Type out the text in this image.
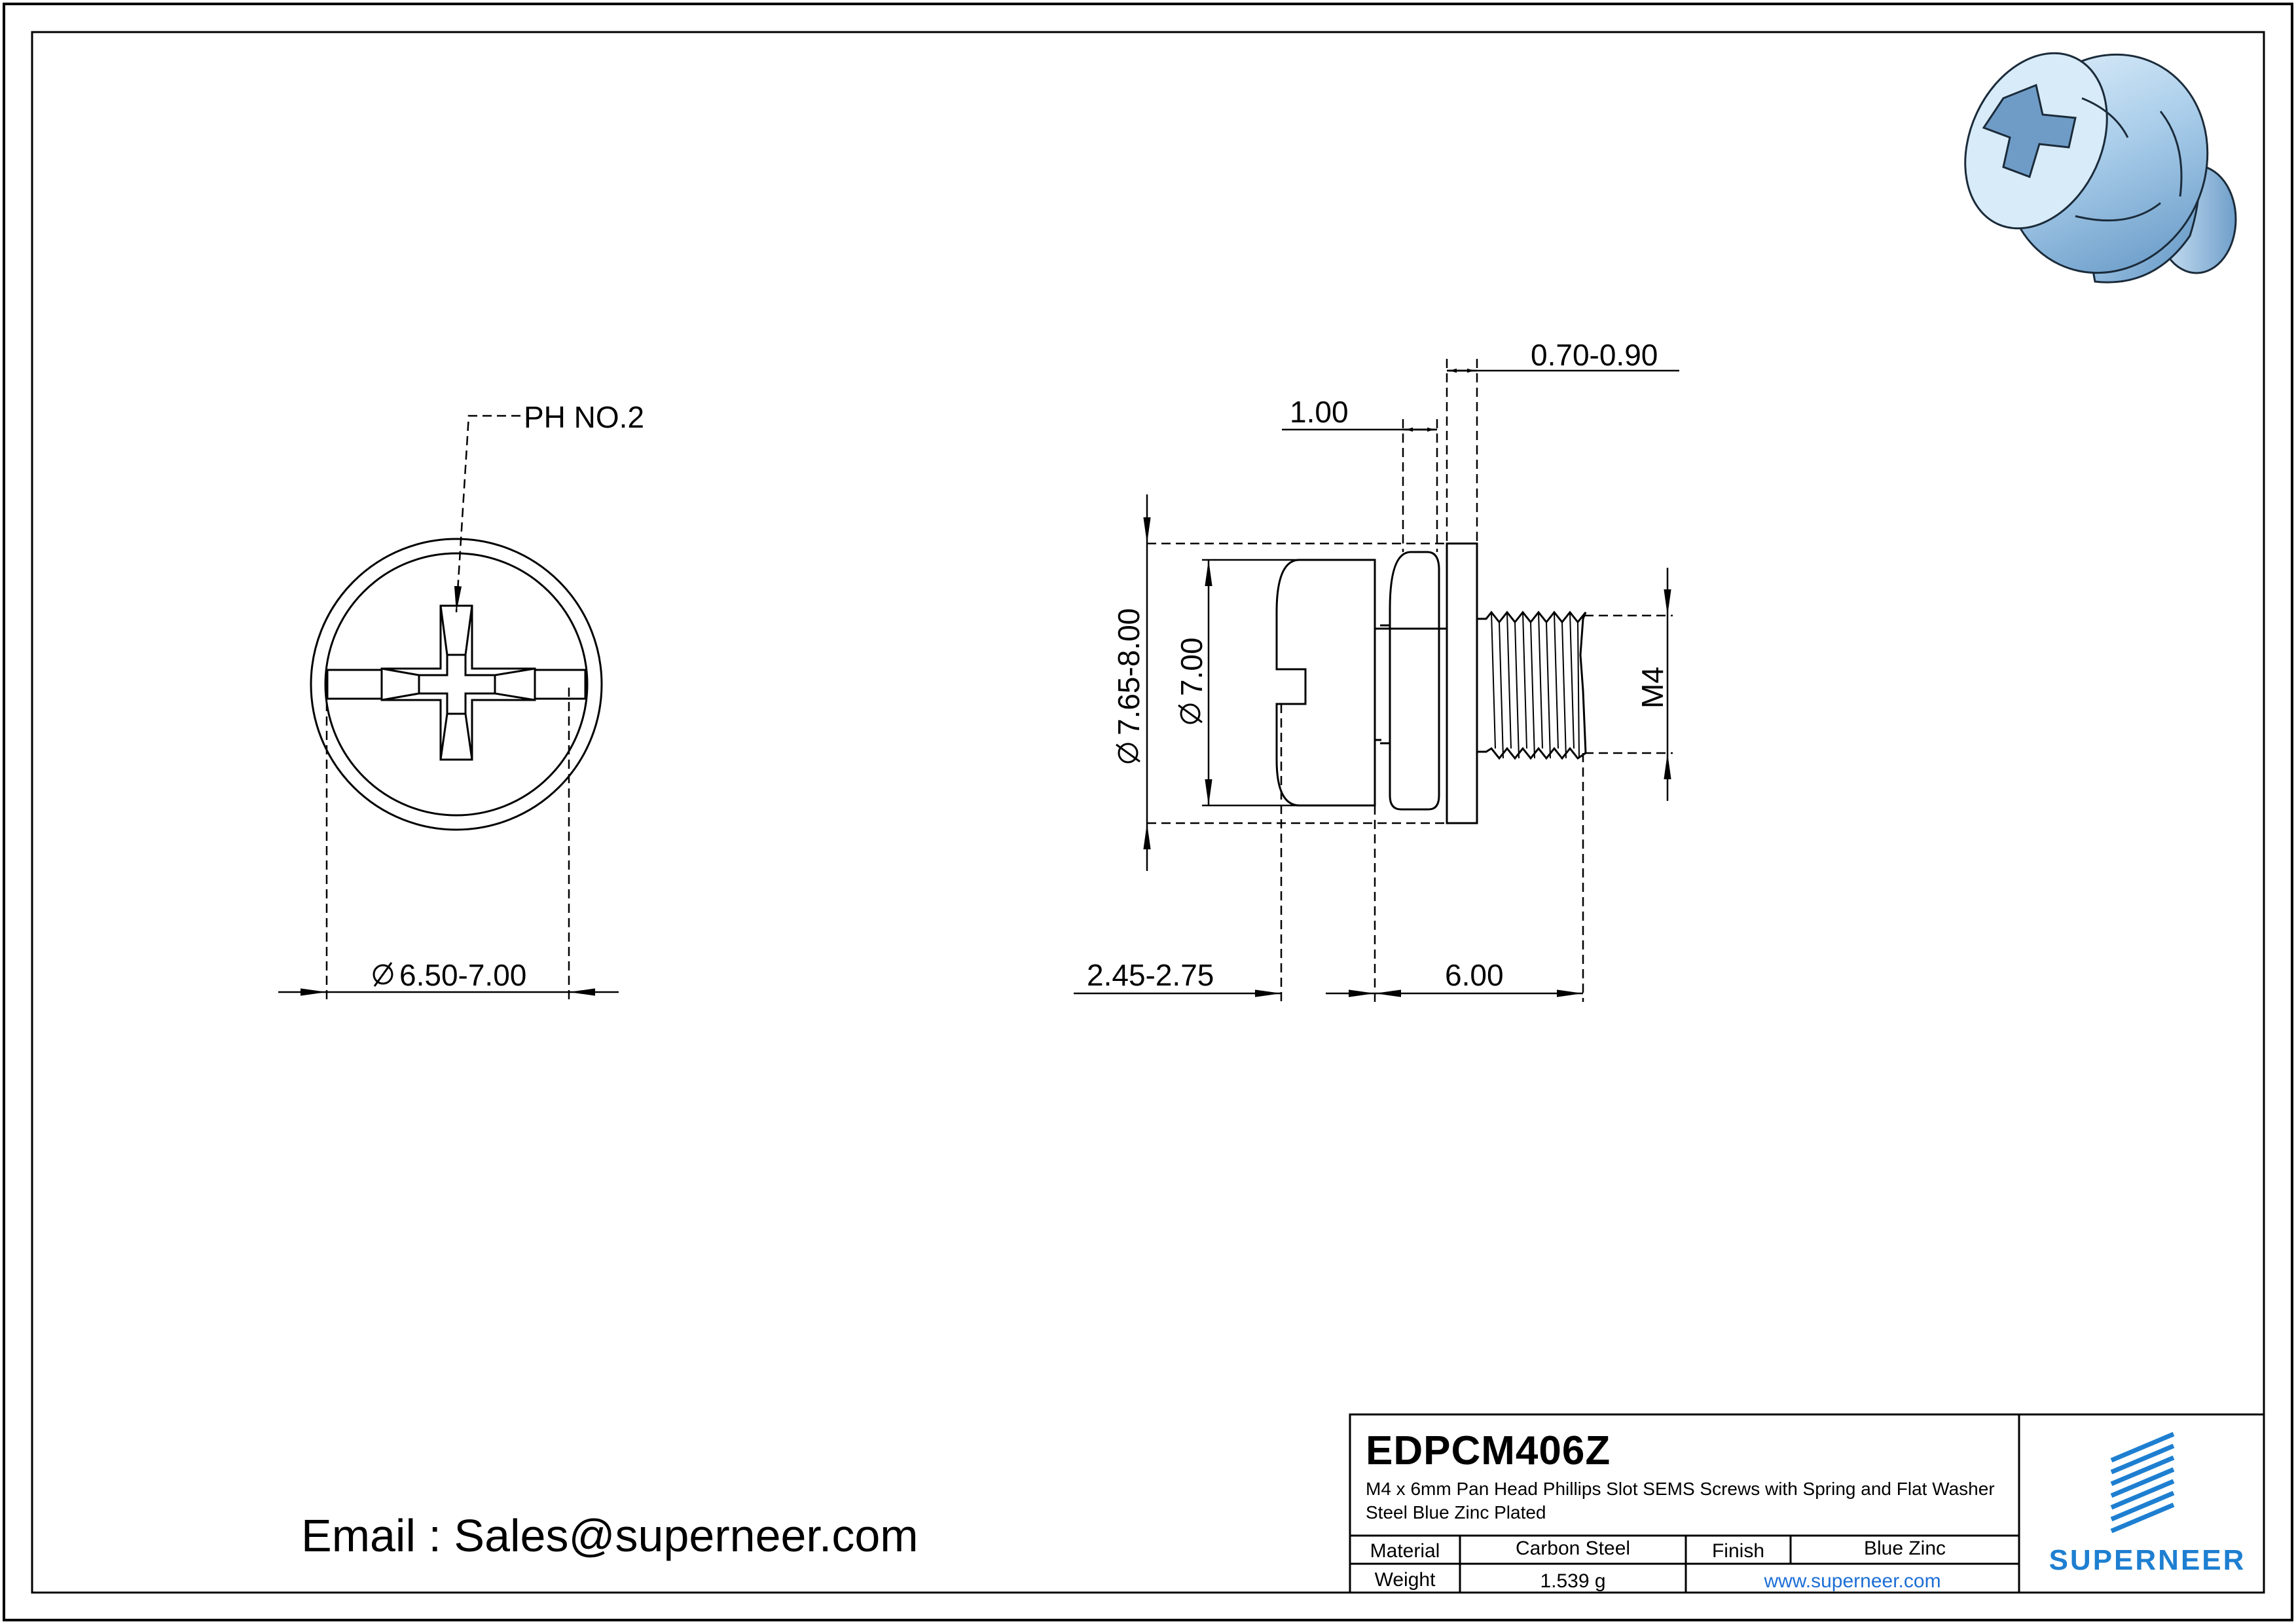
PH NO.2
6.50-7.00
0.70-0.90
1.00
7.65-8.00 7.00	M4
2.45-2.75	6.00
Email : Sales@superneer.com
EDPCM406Z
M4 x 6mm Pan Head Phillips Slot SEMS Screws with Spring and Flat Washer Steel Blue Zinc Plated
Material	Carbon Steel	Finish	Blue Zinc
Weight	1.539 g	www.superneer.com
SUPERNEER
